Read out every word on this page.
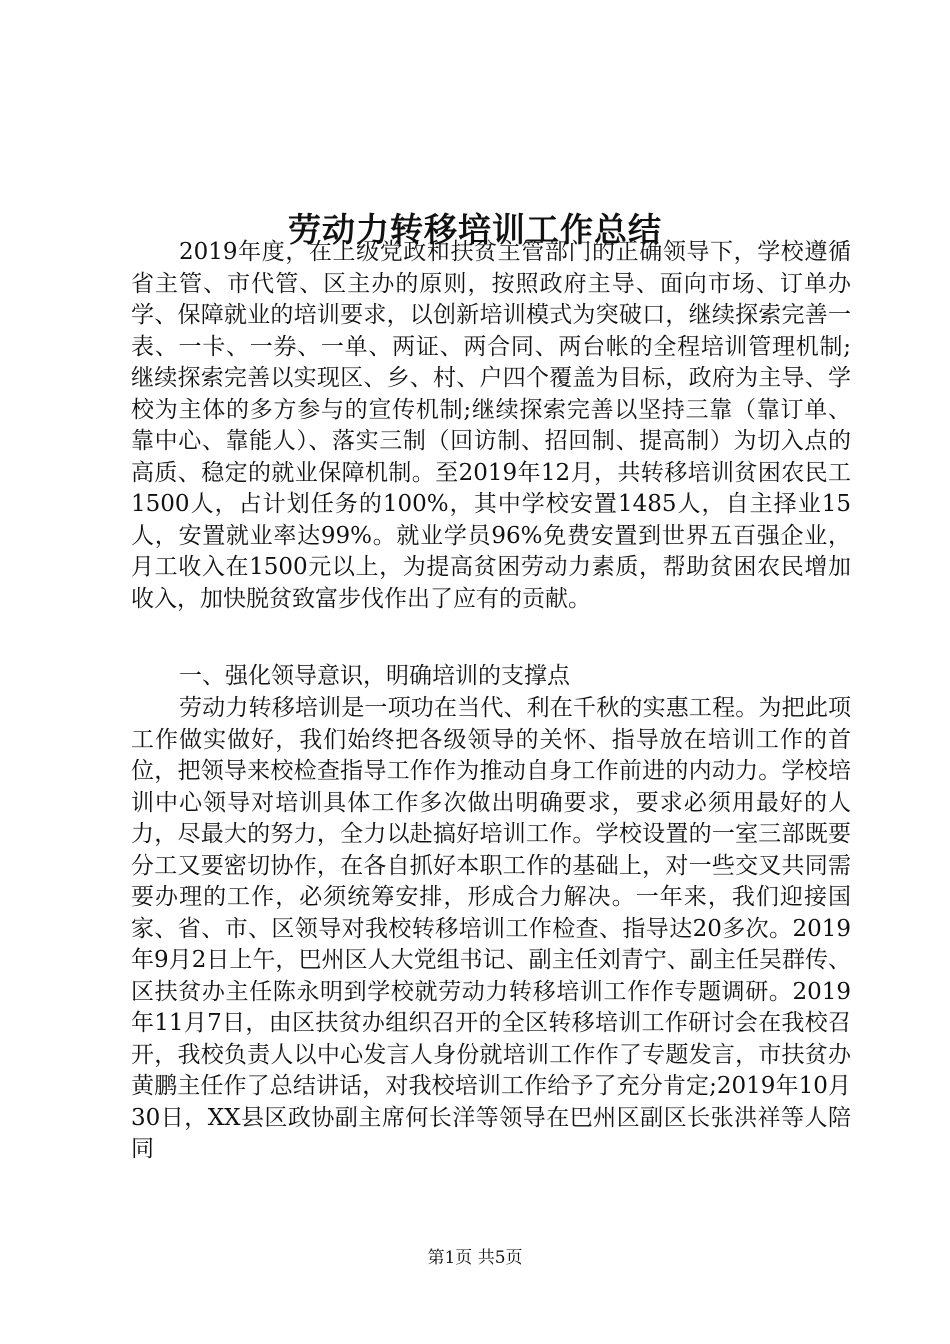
劳动力转移培训工作总结

2019年度，在上级党政和扶贫主管部门的正确领导下，学校遵循省主管、市代管、区主办的原则，按照政府主导、面向市场、订单办学、保障就业的培训要求，以创新培训模式为突破口，继续探索完善一表、一卡、一券、一单、两证、两合同、两台帐的全程培训管理机制;继续探索完善以实现区、乡、村、户四个覆盖为目标，政府为主导、学校为主体的多方参与的宣传机制;继续探索完善以坚持三靠（靠订单、靠中心、靠能人）、落实三制（回访制、招回制、提高制）为切入点的高质、稳定的就业保障机制。至2019年12月，共转移培训贫困农民工1500人，占计划任务的100%，其中学校安置1485人，自主择业15人，安置就业率达99%。就业学员96%免费安置到世界五百强企业，月工收入在1500元以上，为提高贫困劳动力素质，帮助贫困农民增加收入，加快脱贫致富步伐作出了应有的贡献。

一、强化领导意识，明确培训的支撑点

劳动力转移培训是一项功在当代、利在千秋的实惠工程。为把此项工作做实做好，我们始终把各级领导的关怀、指导放在培训工作的首位，把领导来校检查指导工作作为推动自身工作前进的内动力。学校培训中心领导对培训具体工作多次做出明确要求，要求必须用最好的人力，尽最大的努力，全力以赴搞好培训工作。学校设置的一室三部既要分工又要密切协作，在各自抓好本职工作的基础上，对一些交叉共同需要办理的工作，必须统筹安排，形成合力解决。一年来，我们迎接国家、省、市、区领导对我校转移培训工作检查、指导达20多次。2019年9月2日上午，巴州区人大党组书记、副主任刘青宁、副主任吴群传、区扶贫办主任陈永明到学校就劳动力转移培训工作作专题调研。2019年11月7日，由区扶贫办组织召开的全区转移培训工作研讨会在我校召开，我校负责人以中心发言人身份就培训工作作了专题发言，市扶贫办黄鹏主任作了总结讲话，对我校培训工作给予了充分肯定;2019年10月30日，XX县区政协副主席何长洋等领导在巴州区副区长张洪祥等人陪同

第1页 共5页
